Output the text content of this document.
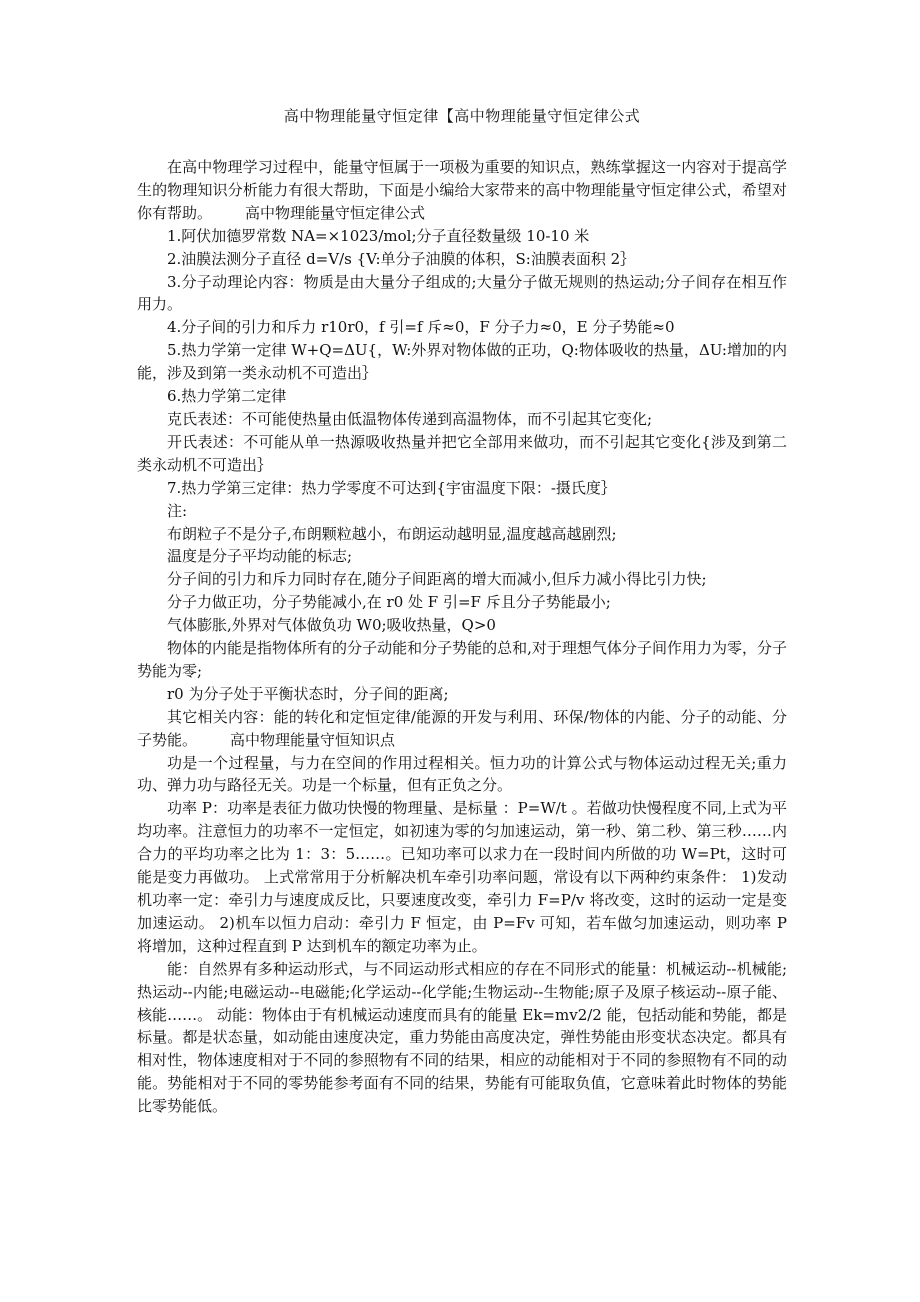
高中物理能量守恒定律【高中物理能量守恒定律公式

在高中物理学习过程中，能量守恒属于一项极为重要的知识点，熟练掌握这一内容对于提高学生的物理知识分析能力有很大帮助，下面是小编给大家带来的高中物理能量守恒定律公式，希望对你有帮助。 高中物理能量守恒定律公式

1.阿伏加德罗常数 NA=×1023/mol;分子直径数量级 10-10 米

2.油膜法测分子直径 d=V/s {V:单分子油膜的体积，S:油膜表面积 2｝

3.分子动理论内容：物质是由大量分子组成的;大量分子做无规则的热运动;分子间存在相互作用力。

4.分子间的引力和斥力 r10r0，f 引=f 斥≈0，F 分子力≈0，E 分子势能≈0

5.热力学第一定律 W+Q=ΔU{，W:外界对物体做的正功，Q:物体吸收的热量，ΔU:增加的内能，涉及到第一类永动机不可造出｝

6.热力学第二定律

克氏表述：不可能使热量由低温物体传递到高温物体，而不引起其它变化;

开氏表述：不可能从单一热源吸收热量并把它全部用来做功，而不引起其它变化{涉及到第二类永动机不可造出｝

7.热力学第三定律：热力学零度不可达到{宇宙温度下限：-摄氏度｝

注:

布朗粒子不是分子,布朗颗粒越小，布朗运动越明显,温度越高越剧烈;

温度是分子平均动能的标志;

分子间的引力和斥力同时存在,随分子间距离的增大而减小,但斥力减小得比引力快;

分子力做正功，分子势能减小,在 r0 处 F 引=F 斥且分子势能最小;

气体膨胀,外界对气体做负功 W0;吸收热量，Q>0

物体的内能是指物体所有的分子动能和分子势能的总和,对于理想气体分子间作用力为零，分子势能为零;

r0 为分子处于平衡状态时，分子间的距离;

其它相关内容：能的转化和定恒定律/能源的开发与利用、环保/物体的内能、分子的动能、分子势能。 高中物理能量守恒知识点

功是一个过程量，与力在空间的作用过程相关。恒力功的计算公式与物体运动过程无关;重力功、弹力功与路径无关。功是一个标量，但有正负之分。

功率 P：功率是表征力做功快慢的物理量、是标量 ：P=W/t 。若做功快慢程度不同,上式为平均功率。注意恒力的功率不一定恒定，如初速为零的匀加速运动，第一秒、第二秒、第三秒……内合力的平均功率之比为 1：3：5……。已知功率可以求力在一段时间内所做的功 W=Pt，这时可能是变力再做功。 上式常常用于分析解决机车牵引功率问题，常设有以下两种约束条件： 1)发动机功率一定：牵引力与速度成反比，只要速度改变，牵引力 F=P/v 将改变，这时的运动一定是变加速运动。 2)机车以恒力启动：牵引力 F 恒定，由 P=Fv 可知，若车做匀加速运动，则功率 P 将增加，这种过程直到 P 达到机车的额定功率为止。

能：自然界有多种运动形式，与不同运动形式相应的存在不同形式的能量：机械运动--机械能;热运动--内能;电磁运动--电磁能;化学运动--化学能;生物运动--生物能;原子及原子核运动--原子能、核能……。 动能：物体由于有机械运动速度而具有的能量 Ek=mv2/2 能，包括动能和势能，都是标量。都是状态量，如动能由速度决定，重力势能由高度决定，弹性势能由形变状态决定。都具有相对性，物体速度相对于不同的参照物有不同的结果，相应的动能相对于不同的参照物有不同的动能。势能相对于不同的零势能参考面有不同的结果，势能有可能取负值，它意味着此时物体的势能比零势能低。
